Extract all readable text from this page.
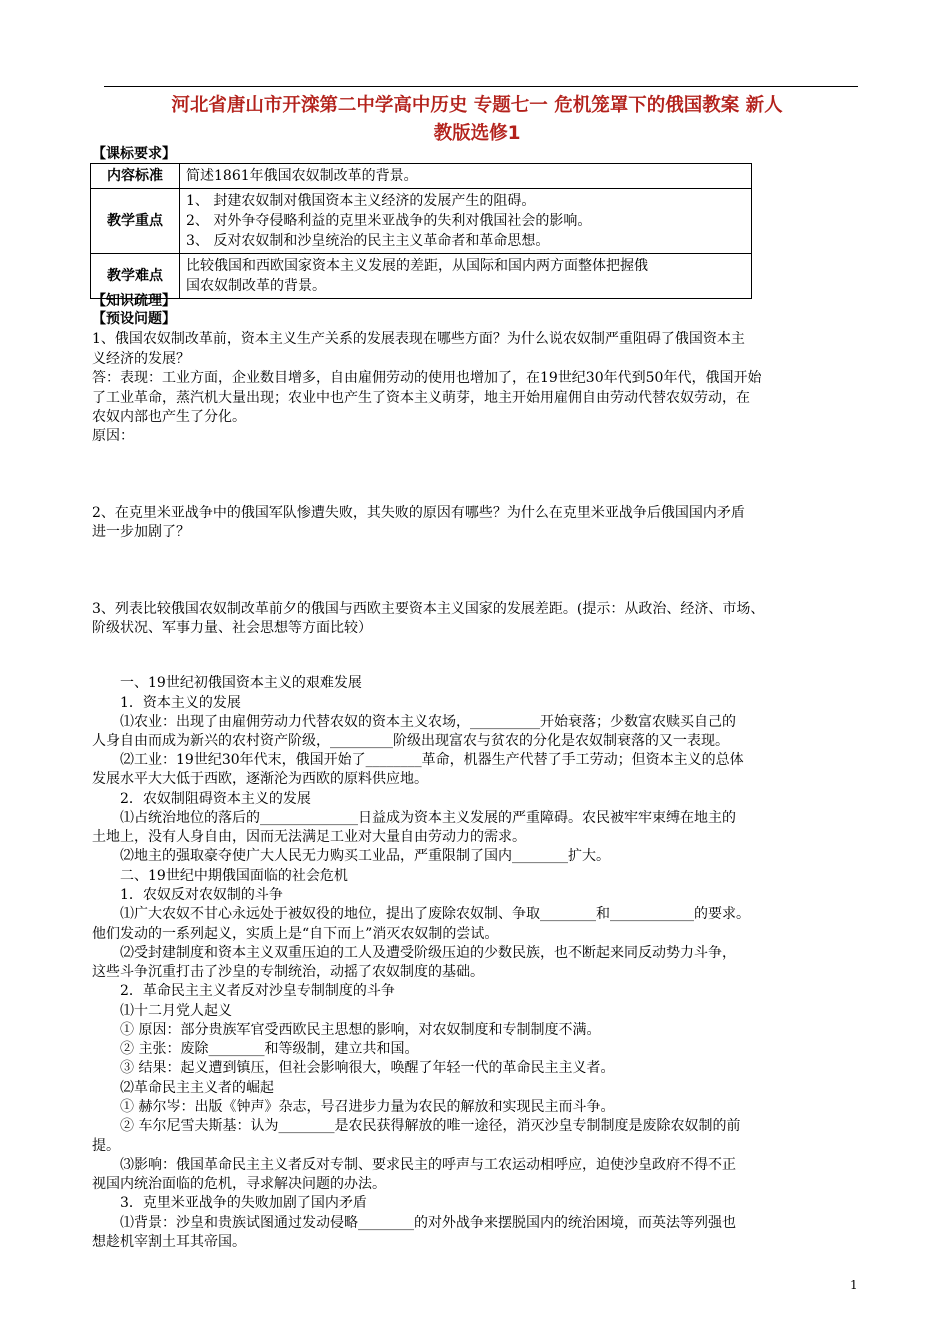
河北省唐山市开滦第二中学高中历史 专题七一 危机笼罩下的俄国教案 新人
教版选修1
【课标要求】
内容标准	简述1861年俄国农奴制改革的背景。

教学重点	1、 封建农奴制对俄国资本主义经济的发展产生的阻碍。
2、 对外争夺侵略利益的克里米亚战争的失利对俄国社会的影响。
3、 反对农奴制和沙皇统治的民主主义革命者和革命思想。

教学难点	比较俄国和西欧国家资本主义发展的差距，从国际和国内两方面整体把握俄
国农奴制改革的背景。
【知识疏理】
【预设问题】
1、俄国农奴制改革前，资本主义生产关系的发展表现在哪些方面？为什么说农奴制严重阻碍了俄国资本主
义经济的发展？
答：表现：工业方面，企业数目增多，自由雇佣劳动的使用也增加了，在19世纪30年代到50年代，俄国开始
了工业革命，蒸汽机大量出现；农业中也产生了资本主义萌芽，地主开始用雇佣自由劳动代替农奴劳动，在
农奴内部也产生了分化。
原因：
2、在克里米亚战争中的俄国军队惨遭失败，其失败的原因有哪些？为什么在克里米亚战争后俄国国内矛盾
进一步加剧了？
3、列表比较俄国农奴制改革前夕的俄国与西欧主要资本主义国家的发展差距。(提示：从政治、经济、市场、
阶级状况、军事力量、社会思想等方面比较）
一、19世纪初俄国资本主义的艰难发展
1．资本主义的发展
⑴农业：出现了由雇佣劳动力代替农奴的资本主义农场，__________开始衰落；少数富农赎买自己的
人身自由而成为新兴的农村资产阶级，_________阶级出现富农与贫农的分化是农奴制衰落的又一表现。
⑵工业：19世纪30年代末，俄国开始了________革命，机器生产代替了手工劳动；但资本主义的总体
发展水平大大低于西欧，逐渐沦为西欧的原料供应地。
2．农奴制阻碍资本主义的发展
⑴占统治地位的落后的______________日益成为资本主义发展的严重障碍。农民被牢牢束缚在地主的
土地上，没有人身自由，因而无法满足工业对大量自由劳动力的需求。
⑵地主的强取豪夺使广大人民无力购买工业品，严重限制了国内________扩大。
二、19世纪中期俄国面临的社会危机
1．农奴反对农奴制的斗争
⑴广大农奴不甘心永远处于被奴役的地位，提出了废除农奴制、争取________和____________的要求。
他们发动的一系列起义，实质上是“自下而上”消灭农奴制的尝试。
⑵受封建制度和资本主义双重压迫的工人及遭受阶级压迫的少数民族，也不断起来同反动势力斗争，
这些斗争沉重打击了沙皇的专制统治，动摇了农奴制度的基础。
2．革命民主主义者反对沙皇专制制度的斗争
⑴十二月党人起义
① 原因：部分贵族军官受西欧民主思想的影响，对农奴制度和专制制度不满。
② 主张：废除________和等级制，建立共和国。
③ 结果：起义遭到镇压，但社会影响很大，唤醒了年轻一代的革命民主主义者。
⑵革命民主主义者的崛起
① 赫尔岑：出版《钟声》杂志，号召进步力量为农民的解放和实现民主而斗争。
② 车尔尼雪夫斯基：认为________是农民获得解放的唯一途径，消灭沙皇专制制度是废除农奴制的前
提。
⑶影响：俄国革命民主主义者反对专制、要求民主的呼声与工农运动相呼应，迫使沙皇政府不得不正
视国内统治面临的危机，寻求解决问题的办法。
3．克里米亚战争的失败加剧了国内矛盾
⑴背景：沙皇和贵族试图通过发动侵略________的对外战争来摆脱国内的统治困境，而英法等列强也
想趁机宰割土耳其帝国。
1
